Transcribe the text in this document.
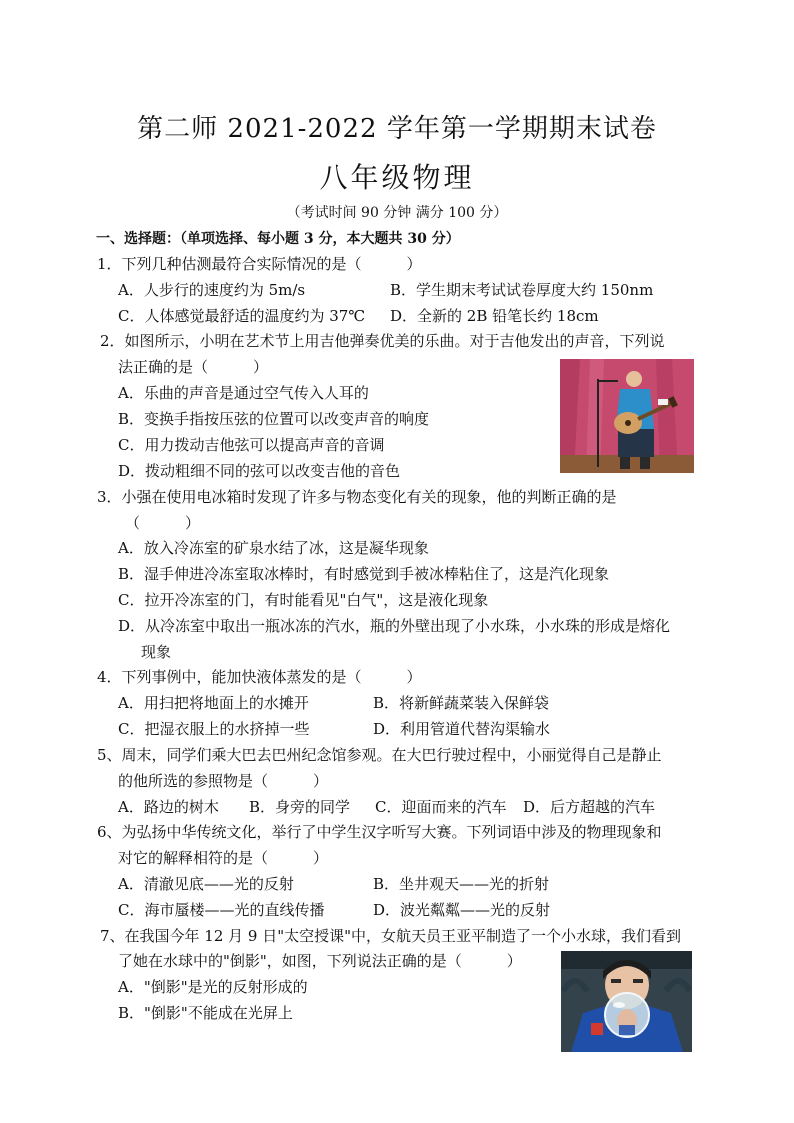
第二师 2021-2022 学年第一学期期末试卷
八年级物理
（考试时间 90 分钟 满分 100 分）
一、选择题：（单项选择、每小题 3 分，本大题共 30 分）
1．下列几种估测最符合实际情况的是（　　　）
A．人步行的速度约为 5m/s	B．学生期末考试试卷厚度大约 150nm
C．人体感觉最舒适的温度约为 37℃ D．全新的 2B 铅笔长约 18cm
2．如图所示，小明在艺术节上用吉他弹奏优美的乐曲。对于吉他发出的声音，下列说
法正确的是（　　　）
A．乐曲的声音是通过空气传入人耳的
B．变换手指按压弦的位置可以改变声音的响度
C．用力拨动吉他弦可以提高声音的音调
D．拨动粗细不同的弦可以改变吉他的音色
3．小强在使用电冰箱时发现了许多与物态变化有关的现象，他的判断正确的是
（　　　）
A．放入冷冻室的矿泉水结了冰，这是凝华现象
B．湿手伸进冷冻室取冰棒时，有时感觉到手被冰棒粘住了，这是汽化现象
C．拉开冷冻室的门，有时能看见"白气"，这是液化现象
D．从冷冻室中取出一瓶冰冻的汽水，瓶的外壁出现了小水珠，小水珠的形成是熔化
现象
4．下列事例中，能加快液体蒸发的是（　　　）
A．用扫把将地面上的水摊开	B．将新鲜蔬菜装入保鲜袋
C．把湿衣服上的水挤掉一些	D．利用管道代替沟渠输水
5、周末，同学们乘大巴去巴州纪念馆参观。在大巴行驶过程中，小丽觉得自己是静止
的他所选的参照物是（　　　）
A．路边的树木 B．身旁的同学 C．迎面而来的汽车 D．后方超越的汽车
6、为弘扬中华传统文化，举行了中学生汉字听写大赛。下列词语中涉及的物理现象和
对它的解释相符的是（　　　）
A．清澈见底——光的反射	B．坐井观天——光的折射
C．海市蜃楼——光的直线传播	D．波光粼粼——光的反射
7、在我国今年 12 月 9 日"太空授课"中，女航天员王亚平制造了一个小水球，我们看到
了她在水球中的"倒影"，如图，下列说法正确的是（　　　）
A．"倒影"是光的反射形成的
B．"倒影"不能成在光屏上
